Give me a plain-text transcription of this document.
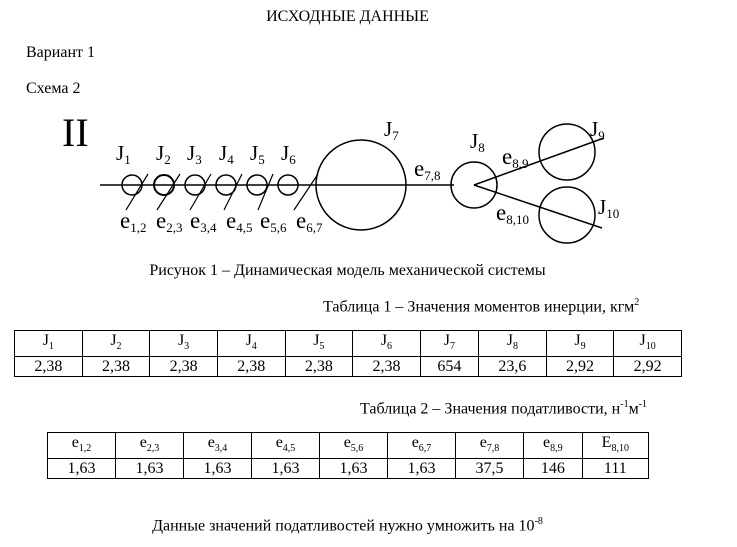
ИСХОДНЫЕ ДАННЫЕ
Вариант 1
Схема 2
II J1 J2 J3 J4 J5 J6
J7	J8
J9
J10
e1,2 e2,3 e3,4 e4,5 e5,6 e6,7
e7,8
e8,9
e8,10
Рисунок 1 – Динамическая модель механической системы
Таблица 1 – Значения моментов инерции, кгм$^2$
$J_1$	$J_2$	$J_3$	$J_4$	$J_5$	$J_6$	$J_7$	$J_8$	$J_9$	$J_{10}$
2,38	2,38	2,38	2,38	2,38	2,38	654	23,6	2,92	2,92
Таблица 2 – Значения податливости, $н^{-1}м^{-1}$
$e_{1,2}$	$e_{2,3}$	$e_{3,4}$	$e_{4,5}$	$e_{5,6}$	$e_{6,7}$	$e_{7,8}$	$e_{8,9}$	$E_{8,10}$
1,63	1,63	1,63	1,63	1,63	1,63	37,5	146	111
Данные значений податливостей нужно умножить на $10^{-8}$
